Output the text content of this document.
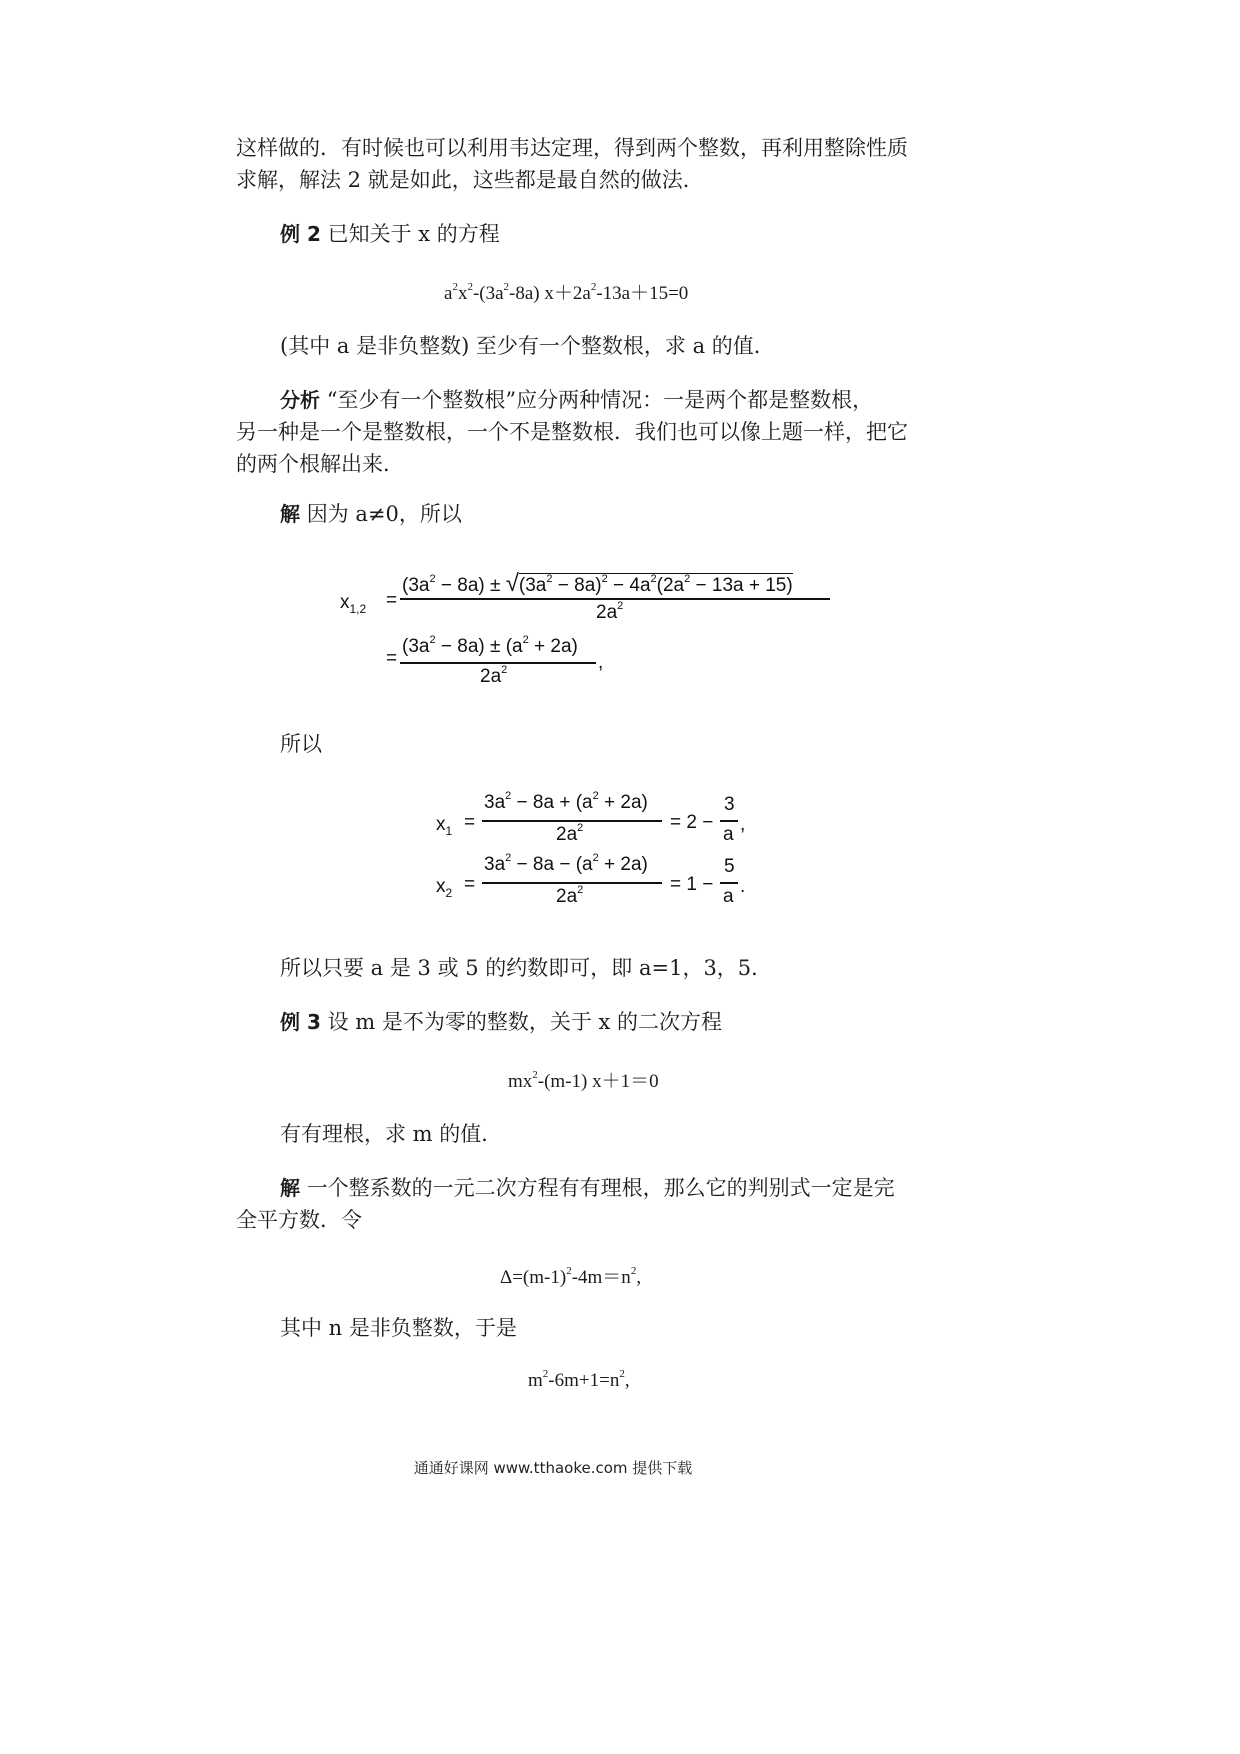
这样做的．有时候也可以利用韦达定理，得到两个整数，再利用整除性质
求解，解法 2 就是如此，这些都是最自然的做法．
例 2 已知关于 x 的方程
$a^2x^2-(3a^2-8a)$ $x+2a^2-13a+15=0$
(其中 a 是非负整数) 至少有一个整数根，求 a 的值．
分析 “至少有一个整数根”应分两种情况：一是两个都是整数根，
另一种是一个是整数根，一个不是整数根．我们也可以像上题一样，把它
的两个根解出来．
解 因为 a≠0，所以
$x_{1,2}$ =
$(3a^2 - 8a) \pm √(3a^2 - 8a)^2 - 4a^2(2a^2 - 13a + 15)$
$2a^2$
=
$(3a^2 - 8a) \pm (a^2 + 2a)$
$2a^2$	,
所以
$x_1$ =
$3a^2 - 8a + (a^2 + 2a)$
$2a^2$	= 2 −
3
a ,
$x_2$ =
$3a^2 - 8a - (a^2 + 2a)$
$2a^2$	= 1 −
5
a .
所以只要 a 是 3 或 5 的约数即可，即 a=1，3，5．
例 3 设 m 是不为零的整数，关于 x 的二次方程
$mx^2-(m-1)$ x＋1＝0
有有理根，求 m 的值．
解 一个整系数的一元二次方程有有理根，那么它的判别式一定是完
全平方数．令
$\Delta=(m-1)^2-4m=n^2$,
其中 n 是非负整数，于是
$m^2-6m+1=n^2$,
通通好课网 www.tthaoke.com 提供下载
